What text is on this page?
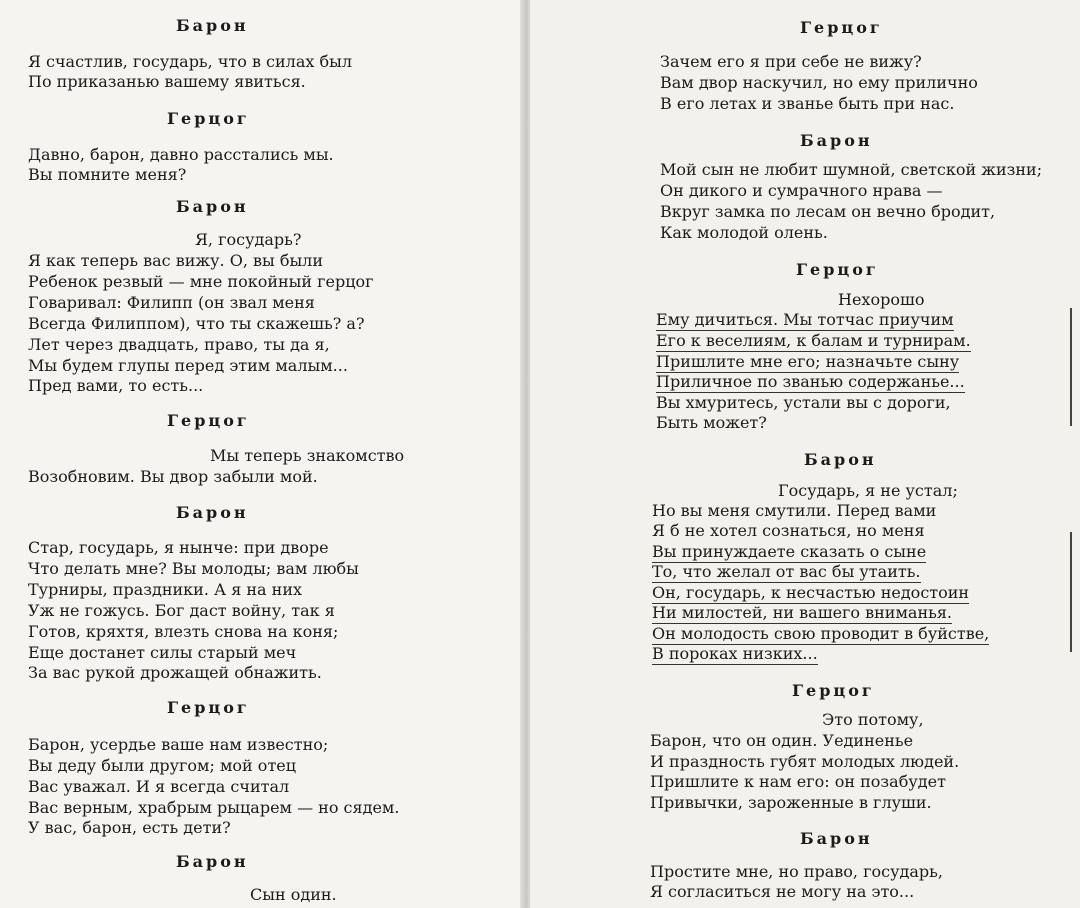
Барон
Я счастлив, государь, что в силах был
По приказанью вашему явиться.
Герцог
Давно, барон, давно расстались мы.
Вы помните меня?
Барон
Я, государь?
Я как теперь вас вижу. О, вы были
Ребенок резвый — мне покойный герцог
Говаривал: Филипп (он звал меня
Всегда Филиппом), что ты скажешь? а?
Лет через двадцать, право, ты да я,
Мы будем глупы перед этим малым...
Пред вами, то есть...
Герцог
Мы теперь знакомство
Возобновим. Вы двор забыли мой.
Барон
Стар, государь, я нынче: при дворе
Что делать мне? Вы молоды; вам любы
Турниры, праздники. А я на них
Уж не гожусь. Бог даст войну, так я
Готов, кряхтя, влезть снова на коня;
Еще достанет силы старый меч
За вас рукой дрожащей обнажить.
Герцог
Барон, усердье ваше нам известно;
Вы деду были другом; мой отец
Вас уважал. И я всегда считал
Вас верным, храбрым рыцарем — но сядем.
У вас, барон, есть дети?
Барон
Сын один.
Герцог
Зачем его я при себе не вижу?
Вам двор наскучил, но ему прилично
В его летах и званье быть при нас.
Барон
Мой сын не любит шумной, светской жизни;
Он дикого и сумрачного нрава —
Вкруг замка по лесам он вечно бродит,
Как молодой олень.
Герцог
Нехорошо
Ему дичиться. Мы тотчас приучим
Его к веселиям, к балам и турнирам.
Пришлите мне его; назначьте сыну
Приличное по званью содержанье...
Вы хмуритесь, устали вы с дороги,
Быть может?
Барон
Государь, я не устал;
Но вы меня смутили. Перед вами
Я б не хотел сознаться, но меня
Вы принуждаете сказать о сыне
То, что желал от вас бы утаить.
Он, государь, к несчастью недостоин
Ни милостей, ни вашего вниманья.
Он молодость свою проводит в буйстве,
В пороках низких...
Герцог
Это потому,
Барон, что он один. Уединенье
И праздность губят молодых людей.
Пришлите к нам его: он позабудет
Привычки, зароженные в глуши.
Барон
Простите мне, но право, государь,
Я согласиться не могу на это...
